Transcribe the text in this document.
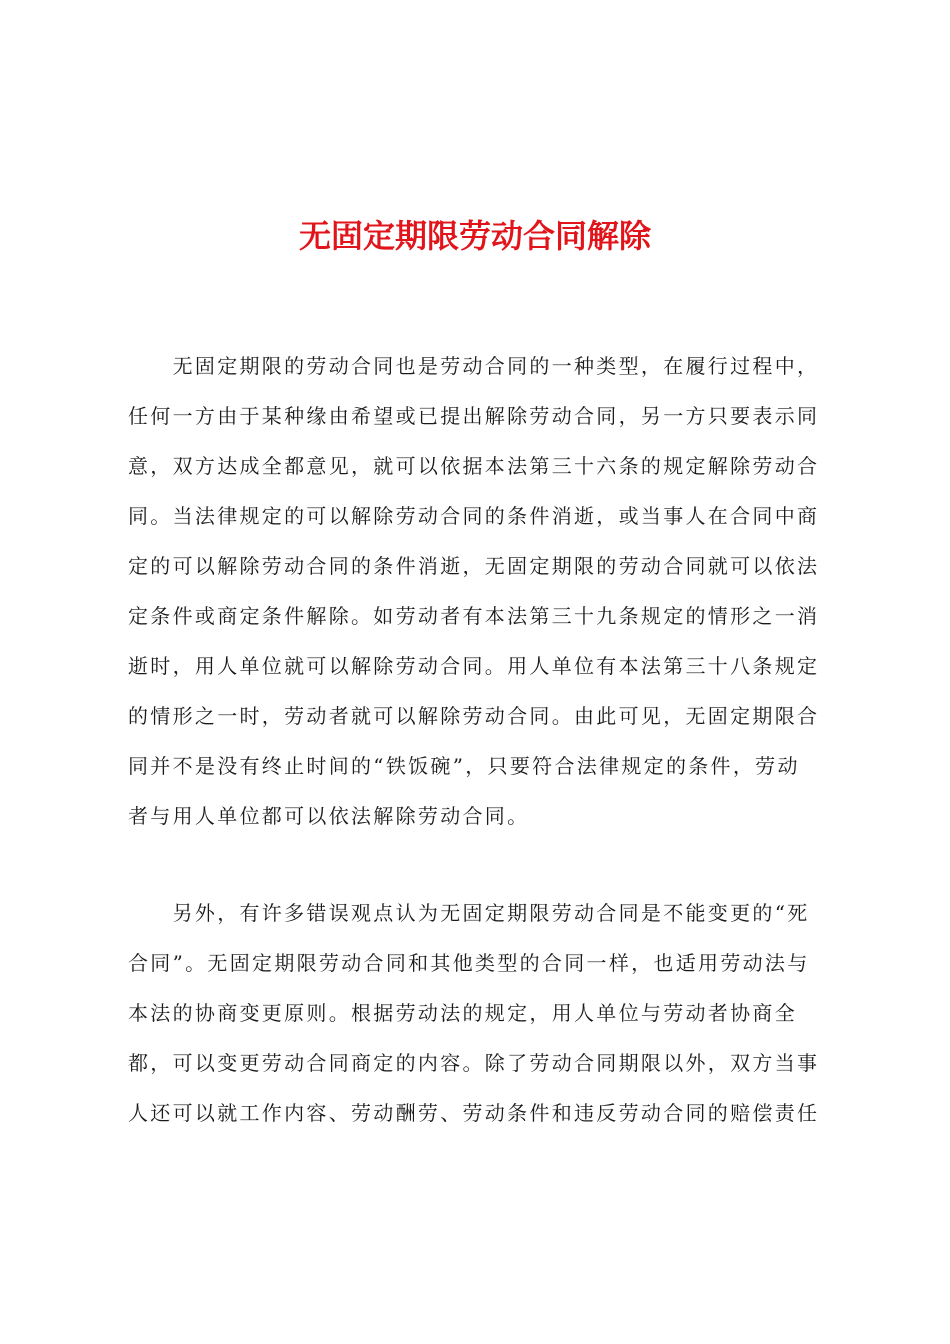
无固定期限劳动合同解除
　　无固定期限的劳动合同也是劳动合同的一种类型，在履行过程中，
任何一方由于某种缘由希望或已提出解除劳动合同，另一方只要表示同
意，双方达成全都意见，就可以依据本法第三十六条的规定解除劳动合
同。当法律规定的可以解除劳动合同的条件消逝，或当事人在合同中商
定的可以解除劳动合同的条件消逝，无固定期限的劳动合同就可以依法
定条件或商定条件解除。如劳动者有本法第三十九条规定的情形之一消
逝时，用人单位就可以解除劳动合同。用人单位有本法第三十八条规定
的情形之一时，劳动者就可以解除劳动合同。由此可见，无固定期限合
同并不是没有终止时间的“铁饭碗”，只要符合法律规定的条件，劳动
者与用人单位都可以依法解除劳动合同。
　　另外，有许多错误观点认为无固定期限劳动合同是不能变更的“死
合同”。无固定期限劳动合同和其他类型的合同一样，也适用劳动法与
本法的协商变更原则。根据劳动法的规定，用人单位与劳动者协商全
都，可以变更劳动合同商定的内容。除了劳动合同期限以外，双方当事
人还可以就工作内容、劳动酬劳、劳动条件和违反劳动合同的赔偿责任
